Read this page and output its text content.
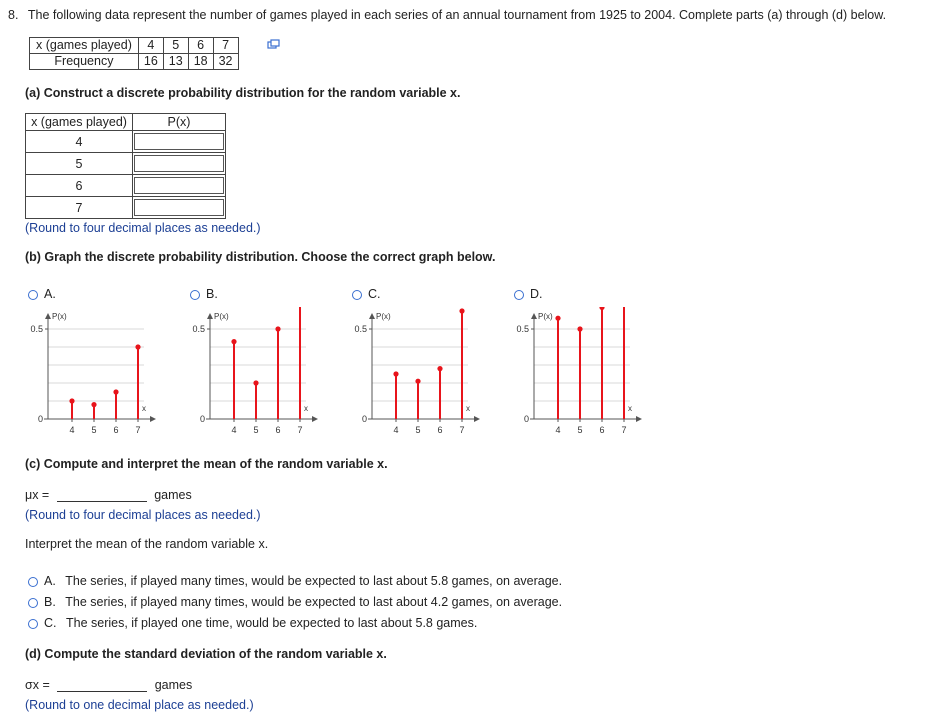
8. The following data represent the number of games played in each series of an annual tournament from 1925 to 2004. Complete parts (a) through (d) below.
x (games played)	4	5	6	7
Frequency	16	13	18	32
(a) Construct a discrete probability distribution for the random variable x.
x (games played)	P(x)
4	

5	

6	

7	
(Round to four decimal places as needed.)
(b) Graph the discrete probability distribution. Choose the correct graph below.
A.
0.5
0
P(x)
x
4 5 6 7
B.
0.5
0
P(x)
x
4 5 6 7
C.
0.5
0
P(x)
x
4 5 6 7
D.
0.5
0
P(x)
x
4 5 6 7
(c) Compute and interpret the mean of the random variable x.
μx =	games
(Round to four decimal places as needed.)
Interpret the mean of the random variable x.
A. The series, if played many times, would be expected to last about 5.8 games, on average.
B. The series, if played many times, would be expected to last about 4.2 games, on average.
C. The series, if played one time, would be expected to last about 5.8 games.
(d) Compute the standard deviation of the random variable x.
σx =	games
(Round to one decimal place as needed.)
